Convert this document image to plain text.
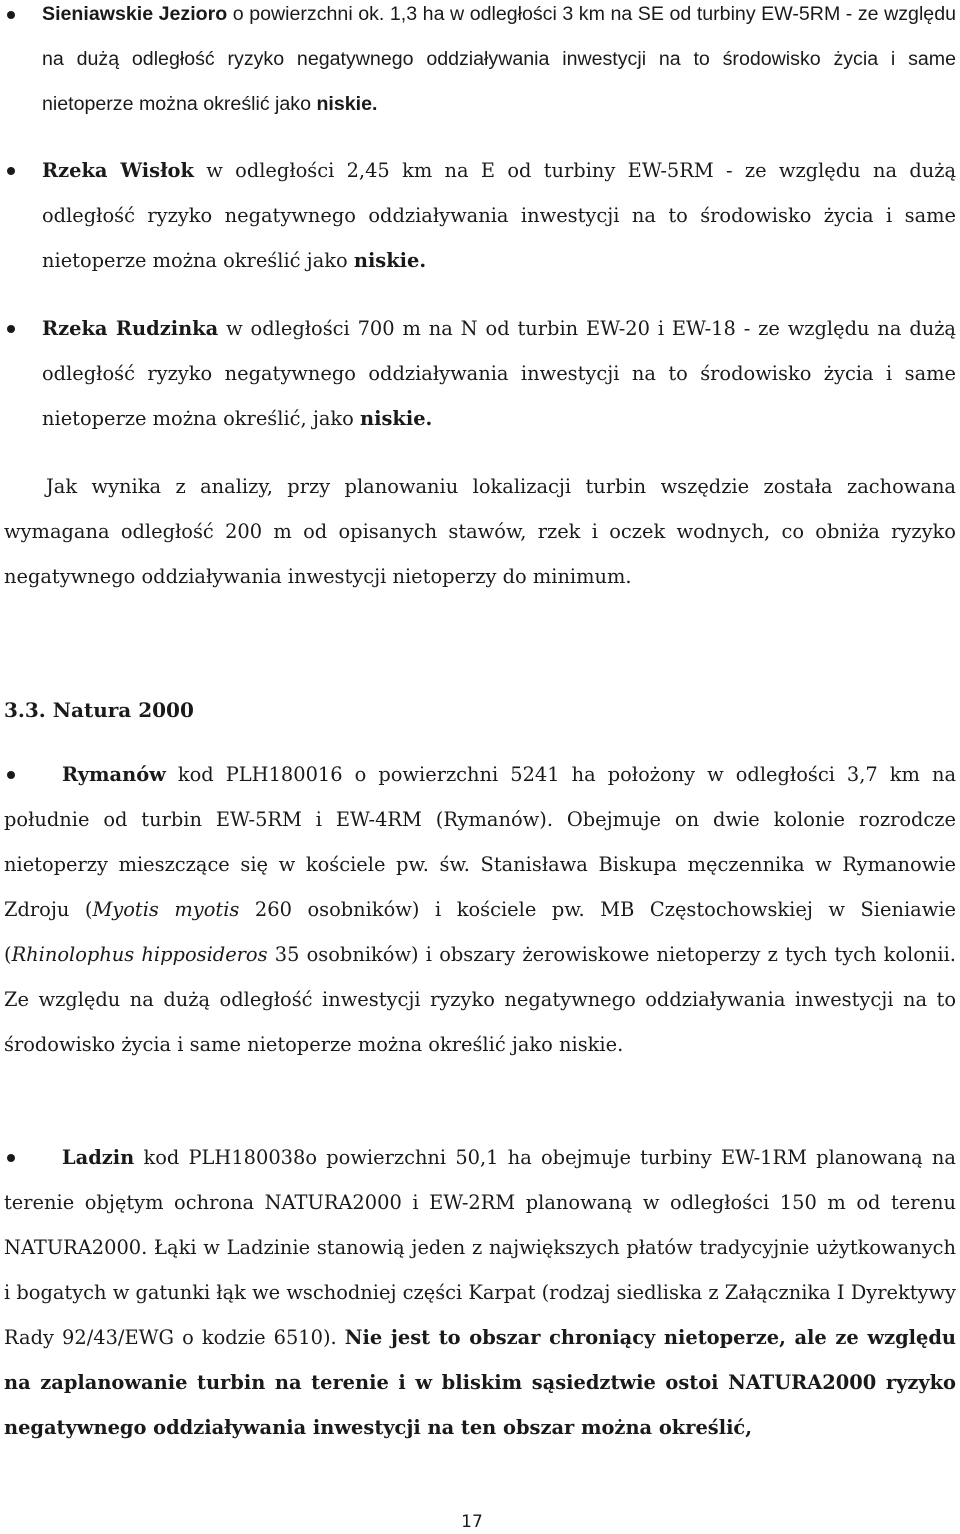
Sieniawskie Jezioro o powierzchni ok. 1,3 ha w odległości 3 km na SE od turbiny EW-5RM - ze względu na dużą odległość ryzyko negatywnego oddziaływania inwestycji na to środowisko życia i same nietoperze można określić jako niskie.

Rzeka Wisłok w odległości 2,45 km na E od turbiny EW-5RM - ze względu na dużą odległość ryzyko negatywnego oddziaływania inwestycji na to środowisko życia i same nietoperze można określić jako niskie.

Rzeka Rudzinka w odległości 700 m na N od turbin EW-20 i EW-18 - ze względu na dużą odległość ryzyko negatywnego oddziaływania inwestycji na to środowisko życia i same nietoperze można określić, jako niskie.

Jak wynika z analizy, przy planowaniu lokalizacji turbin wszędzie została zachowana wymagana odległość 200 m od opisanych stawów, rzek i oczek wodnych, co obniża ryzyko negatywnego oddziaływania inwestycji nietoperzy do minimum.

3.3. Natura 2000

Rymanów kod PLH180016 o powierzchni 5241 ha położony w odległości 3,7 km na południe od turbin EW-5RM i EW-4RM (Rymanów). Obejmuje on dwie kolonie rozrodcze nietoperzy mieszczące się w kościele pw. św. Stanisława Biskupa męczennika w Rymanowie Zdroju (Myotis myotis 260 osobników) i kościele pw. MB Częstochowskiej w Sieniawie (Rhinolophus hipposideros 35 osobników) i obszary żerowiskowe nietoperzy z tych tych kolonii. Ze względu na dużą odległość inwestycji ryzyko negatywnego oddziaływania inwestycji na to środowisko życia i same nietoperze można określić jako niskie.

Ladzin kod PLH180038o powierzchni 50,1 ha obejmuje turbiny EW-1RM planowaną na terenie objętym ochrona NATURA2000 i EW-2RM planowaną w odległości 150 m od terenu NATURA2000. Łąki w Ladzinie stanowią jeden z największych płatów tradycyjnie użytkowanych i bogatych w gatunki łąk we wschodniej części Karpat (rodzaj siedliska z Załącznika I Dyrektywy Rady 92/43/EWG o kodzie 6510). Nie jest to obszar chroniący nietoperze, ale ze względu na zaplanowanie turbin na terenie i w bliskim sąsiedztwie ostoi NATURA2000 ryzyko negatywnego oddziaływania inwestycji na ten obszar można określić,

17
